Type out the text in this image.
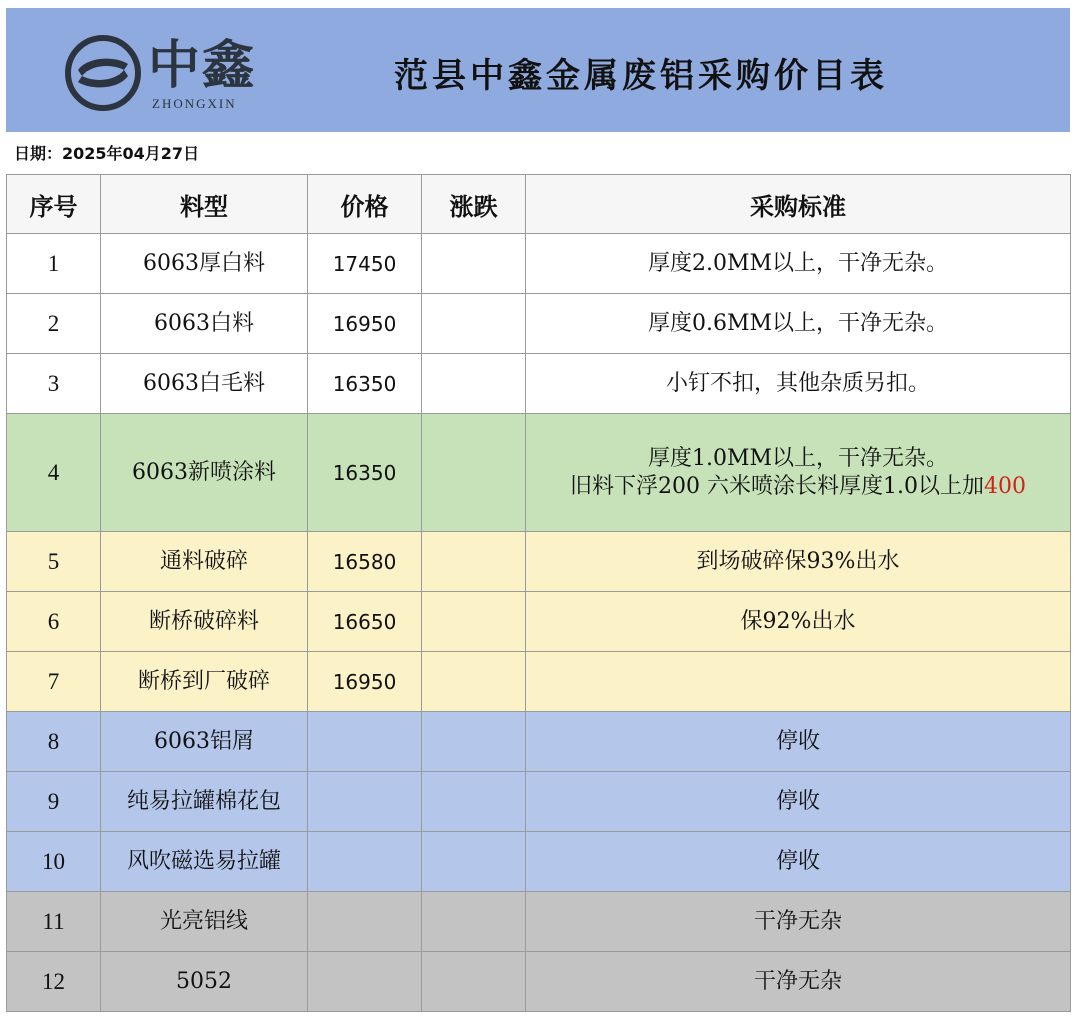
中鑫
ZHONGXIN
范县中鑫金属废铝采购价目表
日期：2025年04月27日
序号	料型	价格	涨跌	采购标准
1	6063厚白料	17450		厚度2.0MM以上，干净无杂。

2	6063白料	16950		厚度0.6MM以上，干净无杂。

3	6063白毛料	16350		小钉不扣，其他杂质另扣。

4	6063新喷涂料	16350		厚度1.0MM以上，干净无杂。
旧料下浮200 六米喷涂长料厚度1.0以上加400

5	通料破碎	16580		到场破碎保93%出水

6	断桥破碎料	16650		保92%出水

7	断桥到厂破碎	16950		

8	6063铝屑			停收

9	纯易拉罐棉花包			停收

10	风吹磁选易拉罐			停收

11	光亮铝线			干净无杂

12	5052			干净无杂
